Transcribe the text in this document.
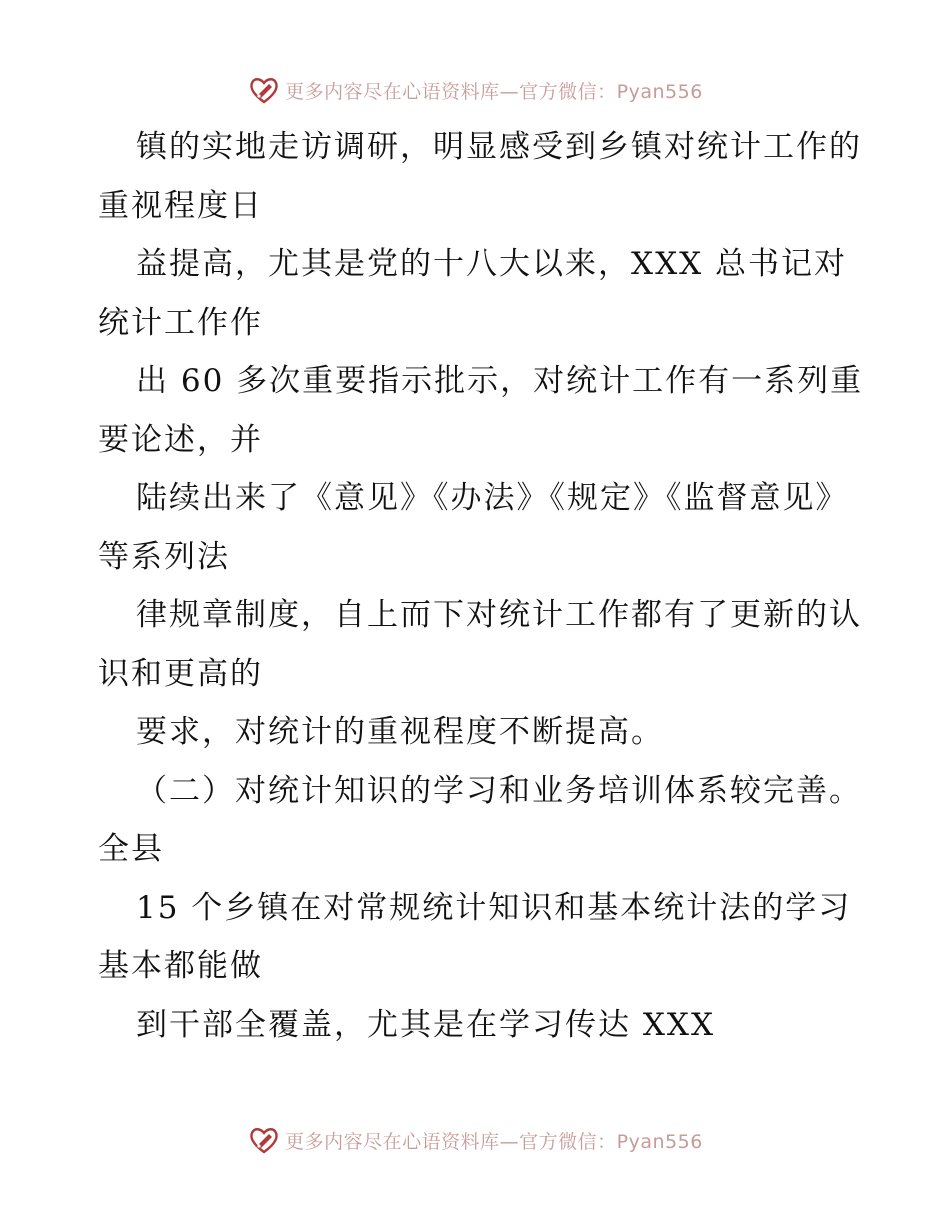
更多内容尽在心语资料库—官方微信：Pyan556

镇的实地走访调研，明显感受到乡镇对统计工作的重视程度日

益提高，尤其是党的十八大以来，XXX 总书记对统计工作作

出 60 多次重要指示批示，对统计工作有一系列重要论述，并

陆续出来了《意见》《办法》《规定》《监督意见》等系列法

律规章制度，自上而下对统计工作都有了更新的认识和更高的

要求，对统计的重视程度不断提高。

（二）对统计知识的学习和业务培训体系较完善。全县

15 个乡镇在对常规统计知识和基本统计法的学习基本都能做

到干部全覆盖，尤其是在学习传达 XXX

更多内容尽在心语资料库—官方微信：Pyan556
